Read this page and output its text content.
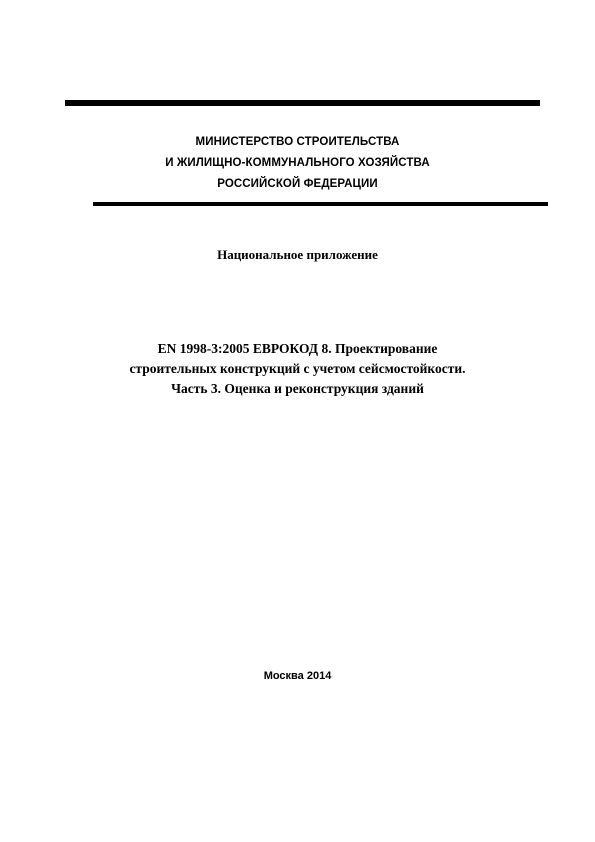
МИНИСТЕРСТВО СТРОИТЕЛЬСТВА
И ЖИЛИЩНО-КОММУНАЛЬНОГО ХОЗЯЙСТВА
РОССИЙСКОЙ ФЕДЕРАЦИИ
Национальное приложение
EN 1998-3:2005 ЕВРОКОД 8. Проектирование
строительных конструкций с учетом сейсмостойкости.
Часть 3. Оценка и реконструкция зданий
Москва 2014
